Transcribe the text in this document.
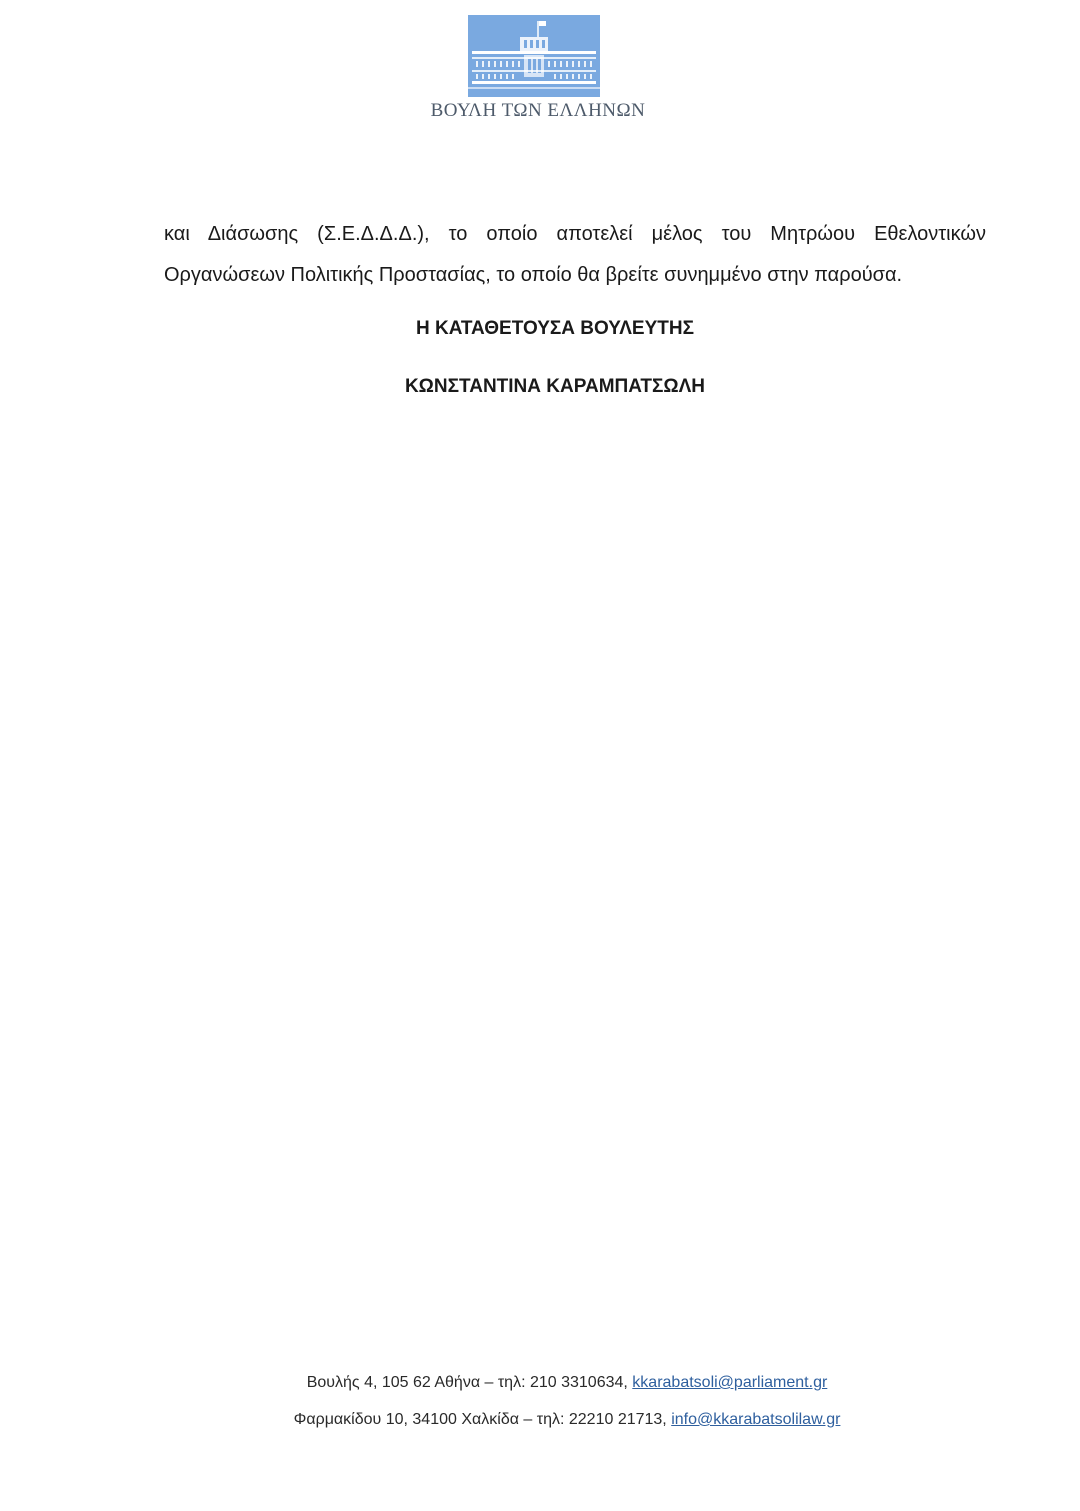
ΒΟΥΛΗ ΤΩΝ ΕΛΛΗΝΩΝ

και Διάσωσης (Σ.Ε.Δ.Δ.Δ.), το οποίο αποτελεί μέλος του Μητρώου Εθελοντικών
Οργανώσεων Πολιτικής Προστασίας, το οποίο θα βρείτε συνημμένο στην παρούσα.

Η ΚΑΤΑΘΕΤΟΥΣΑ ΒΟΥΛΕΥΤΗΣ

ΚΩΝΣΤΑΝΤΙΝΑ ΚΑΡΑΜΠΑΤΣΩΛΗ

Βουλής 4, 105 62 Αθήνα – τηλ: 210 3310634, kkarabatsoli@parliament.gr
Φαρμακίδου 10, 34100 Χαλκίδα – τηλ: 22210 21713, info@kkarabatsolilaw.gr
